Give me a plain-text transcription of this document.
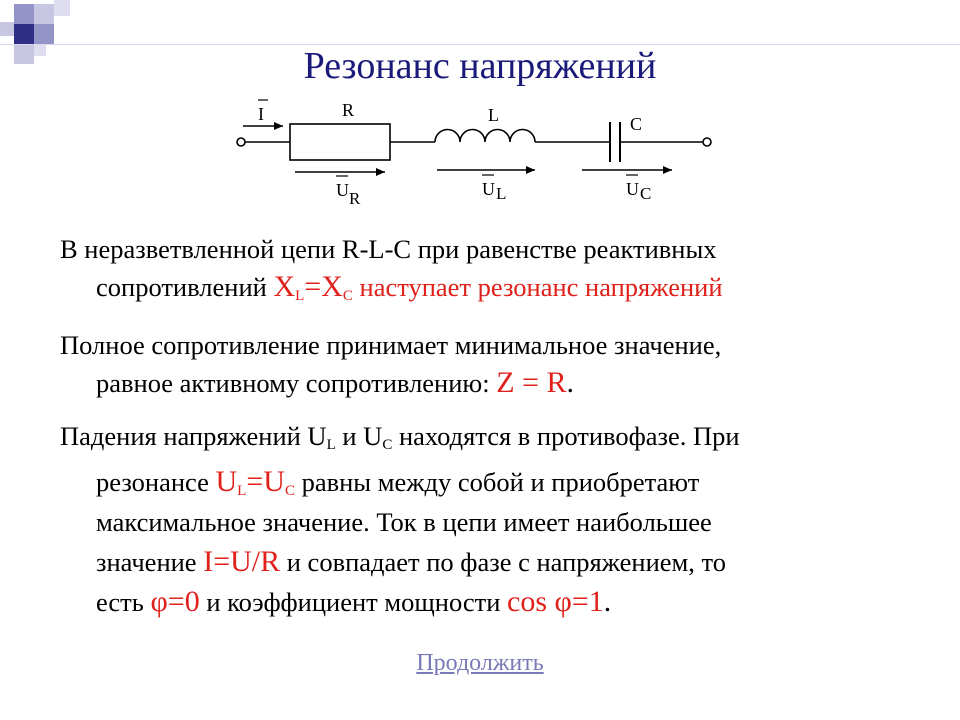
Резонанс напряжений
I	R	L	C
U R	U L	U C
В неразветвленной цепи R-L-C при равенстве реактивных
сопротивлений $X_L=X_C$ наступает резонанс напряжений
Полное сопротивление принимает минимальное значение,
равное активному сопротивлению: Z = R.
Падения напряжений $U_L$ и $U_C$ находятся в противофазе. При
резонансе $U_L=U_C$ равны между собой и приобретают
максимальное значение. Ток в цепи имеет наибольшее
значение I=U/R и совпадает по фазе с напряжением, то
есть φ=0 и коэффициент мощности cos φ=1.
Продолжить
